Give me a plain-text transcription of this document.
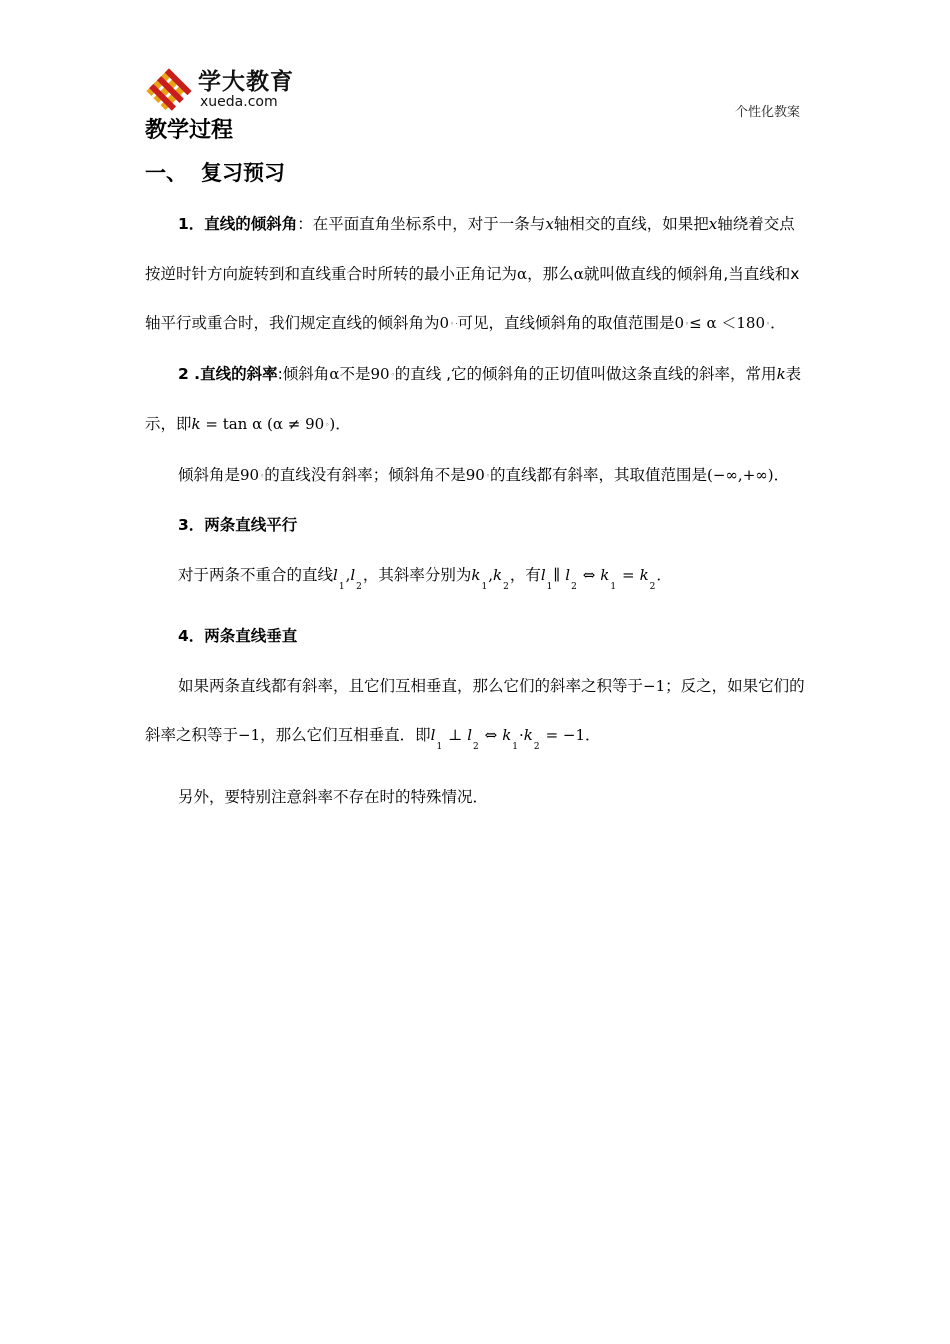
学大教育
xueda.com
个性化教案
教学过程
一、 复习预习

1．直线的倾斜角：在平面直角坐标系中，对于一条与x轴相交的直线，如果把x轴绕着交点按逆时针方向旋转到和直线重合时所转的最小正角记为α，那么α就叫做直线的倾斜角,当直线和x轴平行或重合时，我们规定直线的倾斜角为0◦·可见，直线倾斜角的取值范围是0◦≤ α ＜180◦．

2 .直线的斜率:倾斜角α不是90◦的直线 ,它的倾斜角的正切值叫做这条直线的斜率，常用k表示，即k = tan α (α ≠ 90◦)．

倾斜角是90◦的直线没有斜率；倾斜角不是90◦的直线都有斜率，其取值范围是(−∞,+∞)．

3．两条直线平行

对于两条不重合的直线$l_1,l_2$，其斜率分别为$k_1,k_2$，有$l_1\parallel$ $l_2$ ⇔ $k_1 = k_2$．

4．两条直线垂直

如果两条直线都有斜率，且它们互相垂直，那么它们的斜率之积等于−1；反之，如果它们的斜率之积等于−1，那么它们互相垂直．即$l_1$ ⊥ $l_2$ ⇔ $k_1\cdot k_2 = -1$．

另外，要特别注意斜率不存在时的特殊情况．
